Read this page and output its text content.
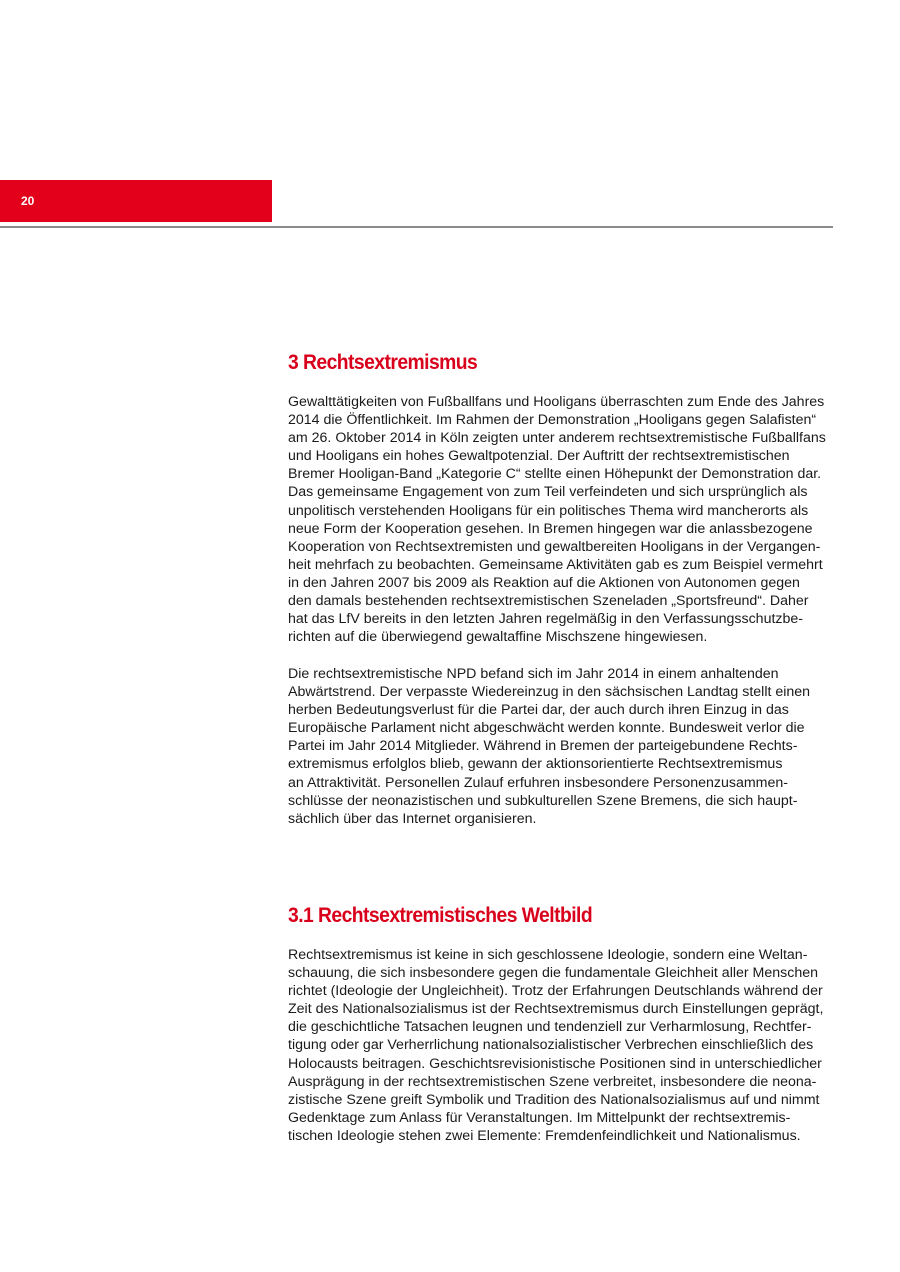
20
3 Rechtsextremismus

Gewalttätigkeiten von Fußballfans und Hooligans überraschten zum Ende des Jahres
2014 die Öffentlichkeit. Im Rahmen der Demonstration „Hooligans gegen Salafisten“
am 26. Oktober 2014 in Köln zeigten unter anderem rechtsextremistische Fußballfans
und Hooligans ein hohes Gewaltpotenzial. Der Auftritt der rechtsextremistischen
Bremer Hooligan-Band „Kategorie C“ stellte einen Höhepunkt der Demonstration dar.
Das gemeinsame Engagement von zum Teil verfeindeten und sich ursprünglich als
unpolitisch verstehenden Hooligans für ein politisches Thema wird mancherorts als
neue Form der Kooperation gesehen. In Bremen hingegen war die anlassbezogene
Kooperation von Rechtsextremisten und gewaltbereiten Hooligans in der Vergangen-
heit mehrfach zu beobachten. Gemeinsame Aktivitäten gab es zum Beispiel vermehrt
in den Jahren 2007 bis 2009 als Reaktion auf die Aktionen von Autonomen gegen
den damals bestehenden rechtsextremistischen Szeneladen „Sportsfreund“. Daher
hat das LfV bereits in den letzten Jahren regelmäßig in den Verfassungsschutzbe-
richten auf die überwiegend gewaltaffine Mischszene hingewiesen.

Die rechtsextremistische NPD befand sich im Jahr 2014 in einem anhaltenden
Abwärtstrend. Der verpasste Wiedereinzug in den sächsischen Landtag stellt einen
herben Bedeutungsverlust für die Partei dar, der auch durch ihren Einzug in das
Europäische Parlament nicht abgeschwächt werden konnte. Bundesweit verlor die
Partei im Jahr 2014 Mitglieder. Während in Bremen der parteigebundene Rechts-
extremismus erfolglos blieb, gewann der aktionsorientierte Rechtsextremismus
an Attraktivität. Personellen Zulauf erfuhren insbesondere Personenzusammen-
schlüsse der neonazistischen und subkulturellen Szene Bremens, die sich haupt-
sächlich über das Internet organisieren.

3.1 Rechtsextremistisches Weltbild

Rechtsextremismus ist keine in sich geschlossene Ideologie, sondern eine Weltan-
schauung, die sich insbesondere gegen die fundamentale Gleichheit aller Menschen
richtet (Ideologie der Ungleichheit). Trotz der Erfahrungen Deutschlands während der
Zeit des Nationalsozialismus ist der Rechtsextremismus durch Einstellungen geprägt,
die geschichtliche Tatsachen leugnen und tendenziell zur Verharmlosung, Rechtfer-
tigung oder gar Verherrlichung nationalsozialistischer Verbrechen einschließlich des
Holocausts beitragen. Geschichtsrevisionistische Positionen sind in unterschiedlicher
Ausprägung in der rechtsextremistischen Szene verbreitet, insbesondere die neona-
zistische Szene greift Symbolik und Tradition des Nationalsozialismus auf und nimmt
Gedenktage zum Anlass für Veranstaltungen. Im Mittelpunkt der rechtsextremis-
tischen Ideologie stehen zwei Elemente: Fremdenfeindlichkeit und Nationalismus.
